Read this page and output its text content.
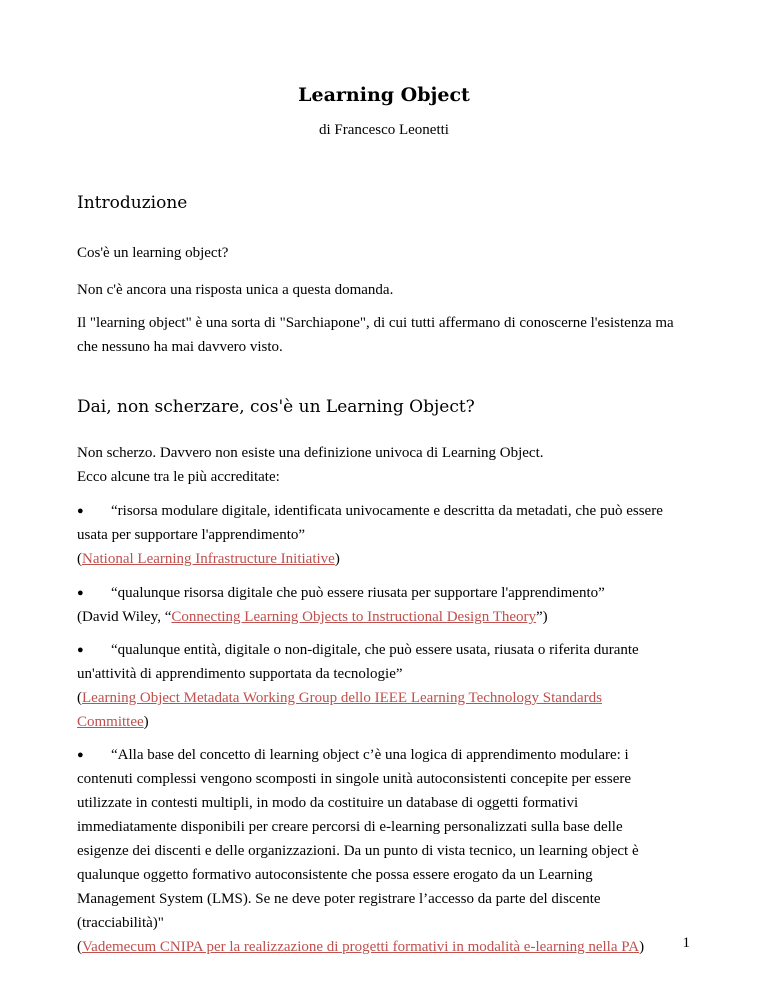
Learning Object
di Francesco Leonetti
Introduzione

Cos'è un learning object?

Non c'è ancora una risposta unica a questa domanda.

Il "learning object" è una sorta di "Sarchiapone", di cui tutti affermano di conoscerne l'esistenza ma
che nessuno ha mai davvero visto.
Dai, non scherzare, cos'è un Learning Object?
Non scherzo. Davvero non esiste una definizione univoca di Learning Object.
Ecco alcune tra le più accreditate:
● “risorsa modulare digitale, identificata univocamente e descritta da metadati, che può essere
usata per supportare l'apprendimento”
(National Learning Infrastructure Initiative)
● “qualunque risorsa digitale che può essere riusata per supportare l'apprendimento”
(David Wiley, “Connecting Learning Objects to Instructional Design Theory”)
● “qualunque entità, digitale o non-digitale, che può essere usata, riusata o riferita durante
un'attività di apprendimento supportata da tecnologie”
(Learning Object Metadata Working Group dello IEEE Learning Technology Standards
Committee)
● “Alla base del concetto di learning object c’è una logica di apprendimento modulare: i
contenuti complessi vengono scomposti in singole unità autoconsistenti concepite per essere
utilizzate in contesti multipli, in modo da costituire un database di oggetti formativi
immediatamente disponibili per creare percorsi di e-learning personalizzati sulla base delle
esigenze dei discenti e delle organizzazioni. Da un punto di vista tecnico, un learning object è
qualunque oggetto formativo autoconsistente che possa essere erogato da un Learning
Management System (LMS). Se ne deve poter registrare l’accesso da parte del discente
(tracciabilità)"
(Vademecum CNIPA per la realizzazione di progetti formativi in modalità e-learning nella PA)	1
